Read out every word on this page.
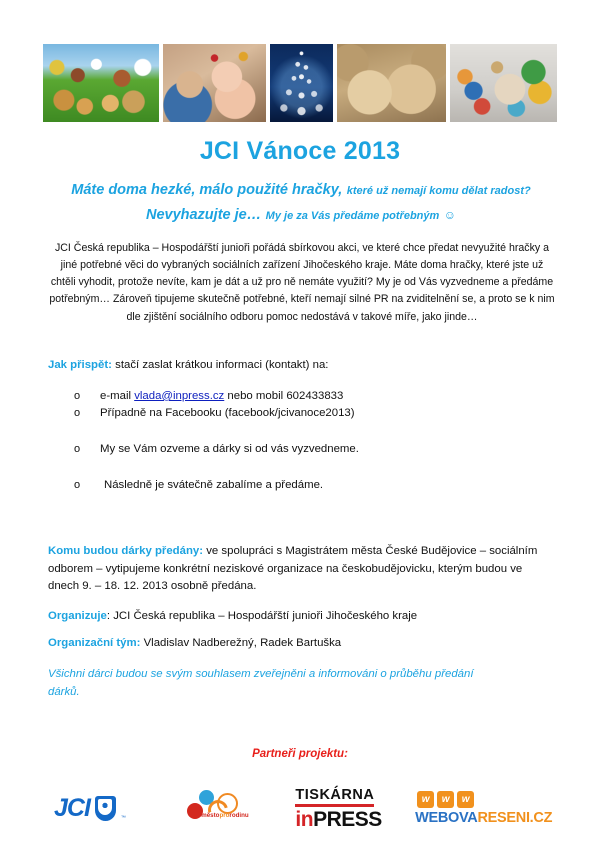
JCI Vánoce 2013
Máte doma hezké, málo použité hračky, které už nemají komu dělat radost?
Nevyhazujte je… My je za Vás předáme potřebným ☺
JCI Česká republika – Hospodářští junioři pořádá sbírkovou akci, ve které chce předat nevyužité hračky a jiné potřebné věci do vybraných sociálních zařízení Jihočeského kraje. Máte doma hračky, které jste už chtěli vyhodit, protože nevíte, kam je dát a už pro ně nemáte využití? My je od Vás vyzvedneme a předáme potřebným… Zároveň tipujeme skutečně potřebné, kteří nemají silné PR na zviditelnění se, a proto se k nim dle zjištění sociálního odboru pomoc nedostává v takové míře, jako jinde…
Jak přispět: stačí zaslat krátkou informaci (kontakt) na:
o e-mail vlada@inpress.cz nebo mobil 602433833
o Případně na Facebooku (facebook/jcivanoce2013)
o My se Vám ozveme a dárky si od vás vyzvedneme.
o Následně je svátečně zabalíme a předáme.
Komu budou dárky předány: ve spolupráci s Magistrátem města České Budějovice – sociálním odborem – vytipujeme konkrétní neziskové organizace na českobudějovicku, kterým budou ve dnech 9. – 18. 12. 2013 osobně předána.
Organizuje: JCI Česká republika – Hospodářští junioři Jihočeského kraje
Organizační tým: Vladislav Nadberežný, Radek Bartuška
Všichni dárci budou se svým souhlasem zveřejněni a informováni o průběhu předání dárků.
Partneři projektu:
JCI	™	městoprorodinu
TISKÁRNA
inPRESS
w	w	w
WEBOVARESENI.CZ
